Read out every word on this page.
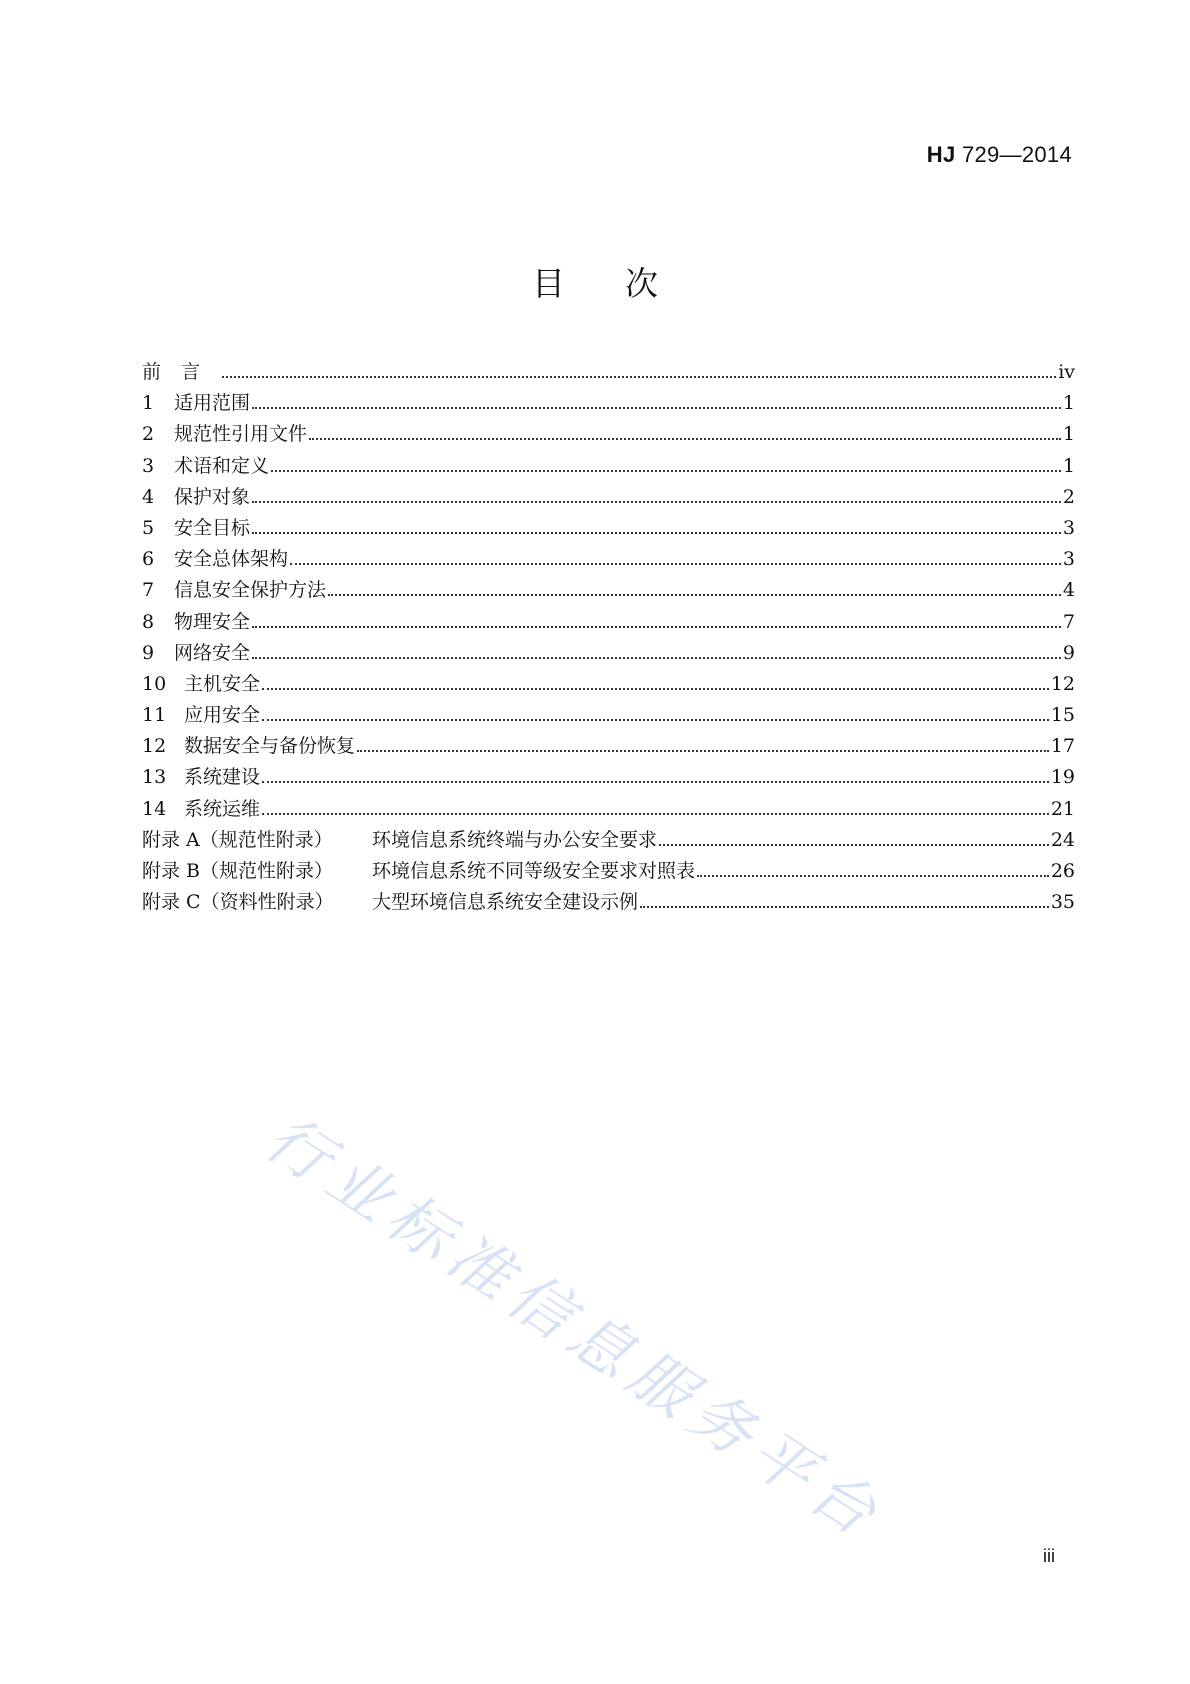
HJ 729—2014
目次
前言	iv
1	适用范围	1
2	规范性引用文件	1
3	术语和定义	1
4	保护对象	2
5	安全目标	3
6	安全总体架构	3
7	信息安全保护方法	4
8	物理安全	7
9	网络安全	9
10 主机安全	12
11 应用安全	15
12 数据安全与备份恢复	17
13 系统建设	19
14 系统运维	21
附录 A（规范性附录）	环境信息系统终端与办公安全要求	24
附录 B（规范性附录）	环境信息系统不同等级安全要求对照表	26
附录 C（资料性附录）	大型环境信息系统安全建设示例	35
行业标准信息服务平台
iii
